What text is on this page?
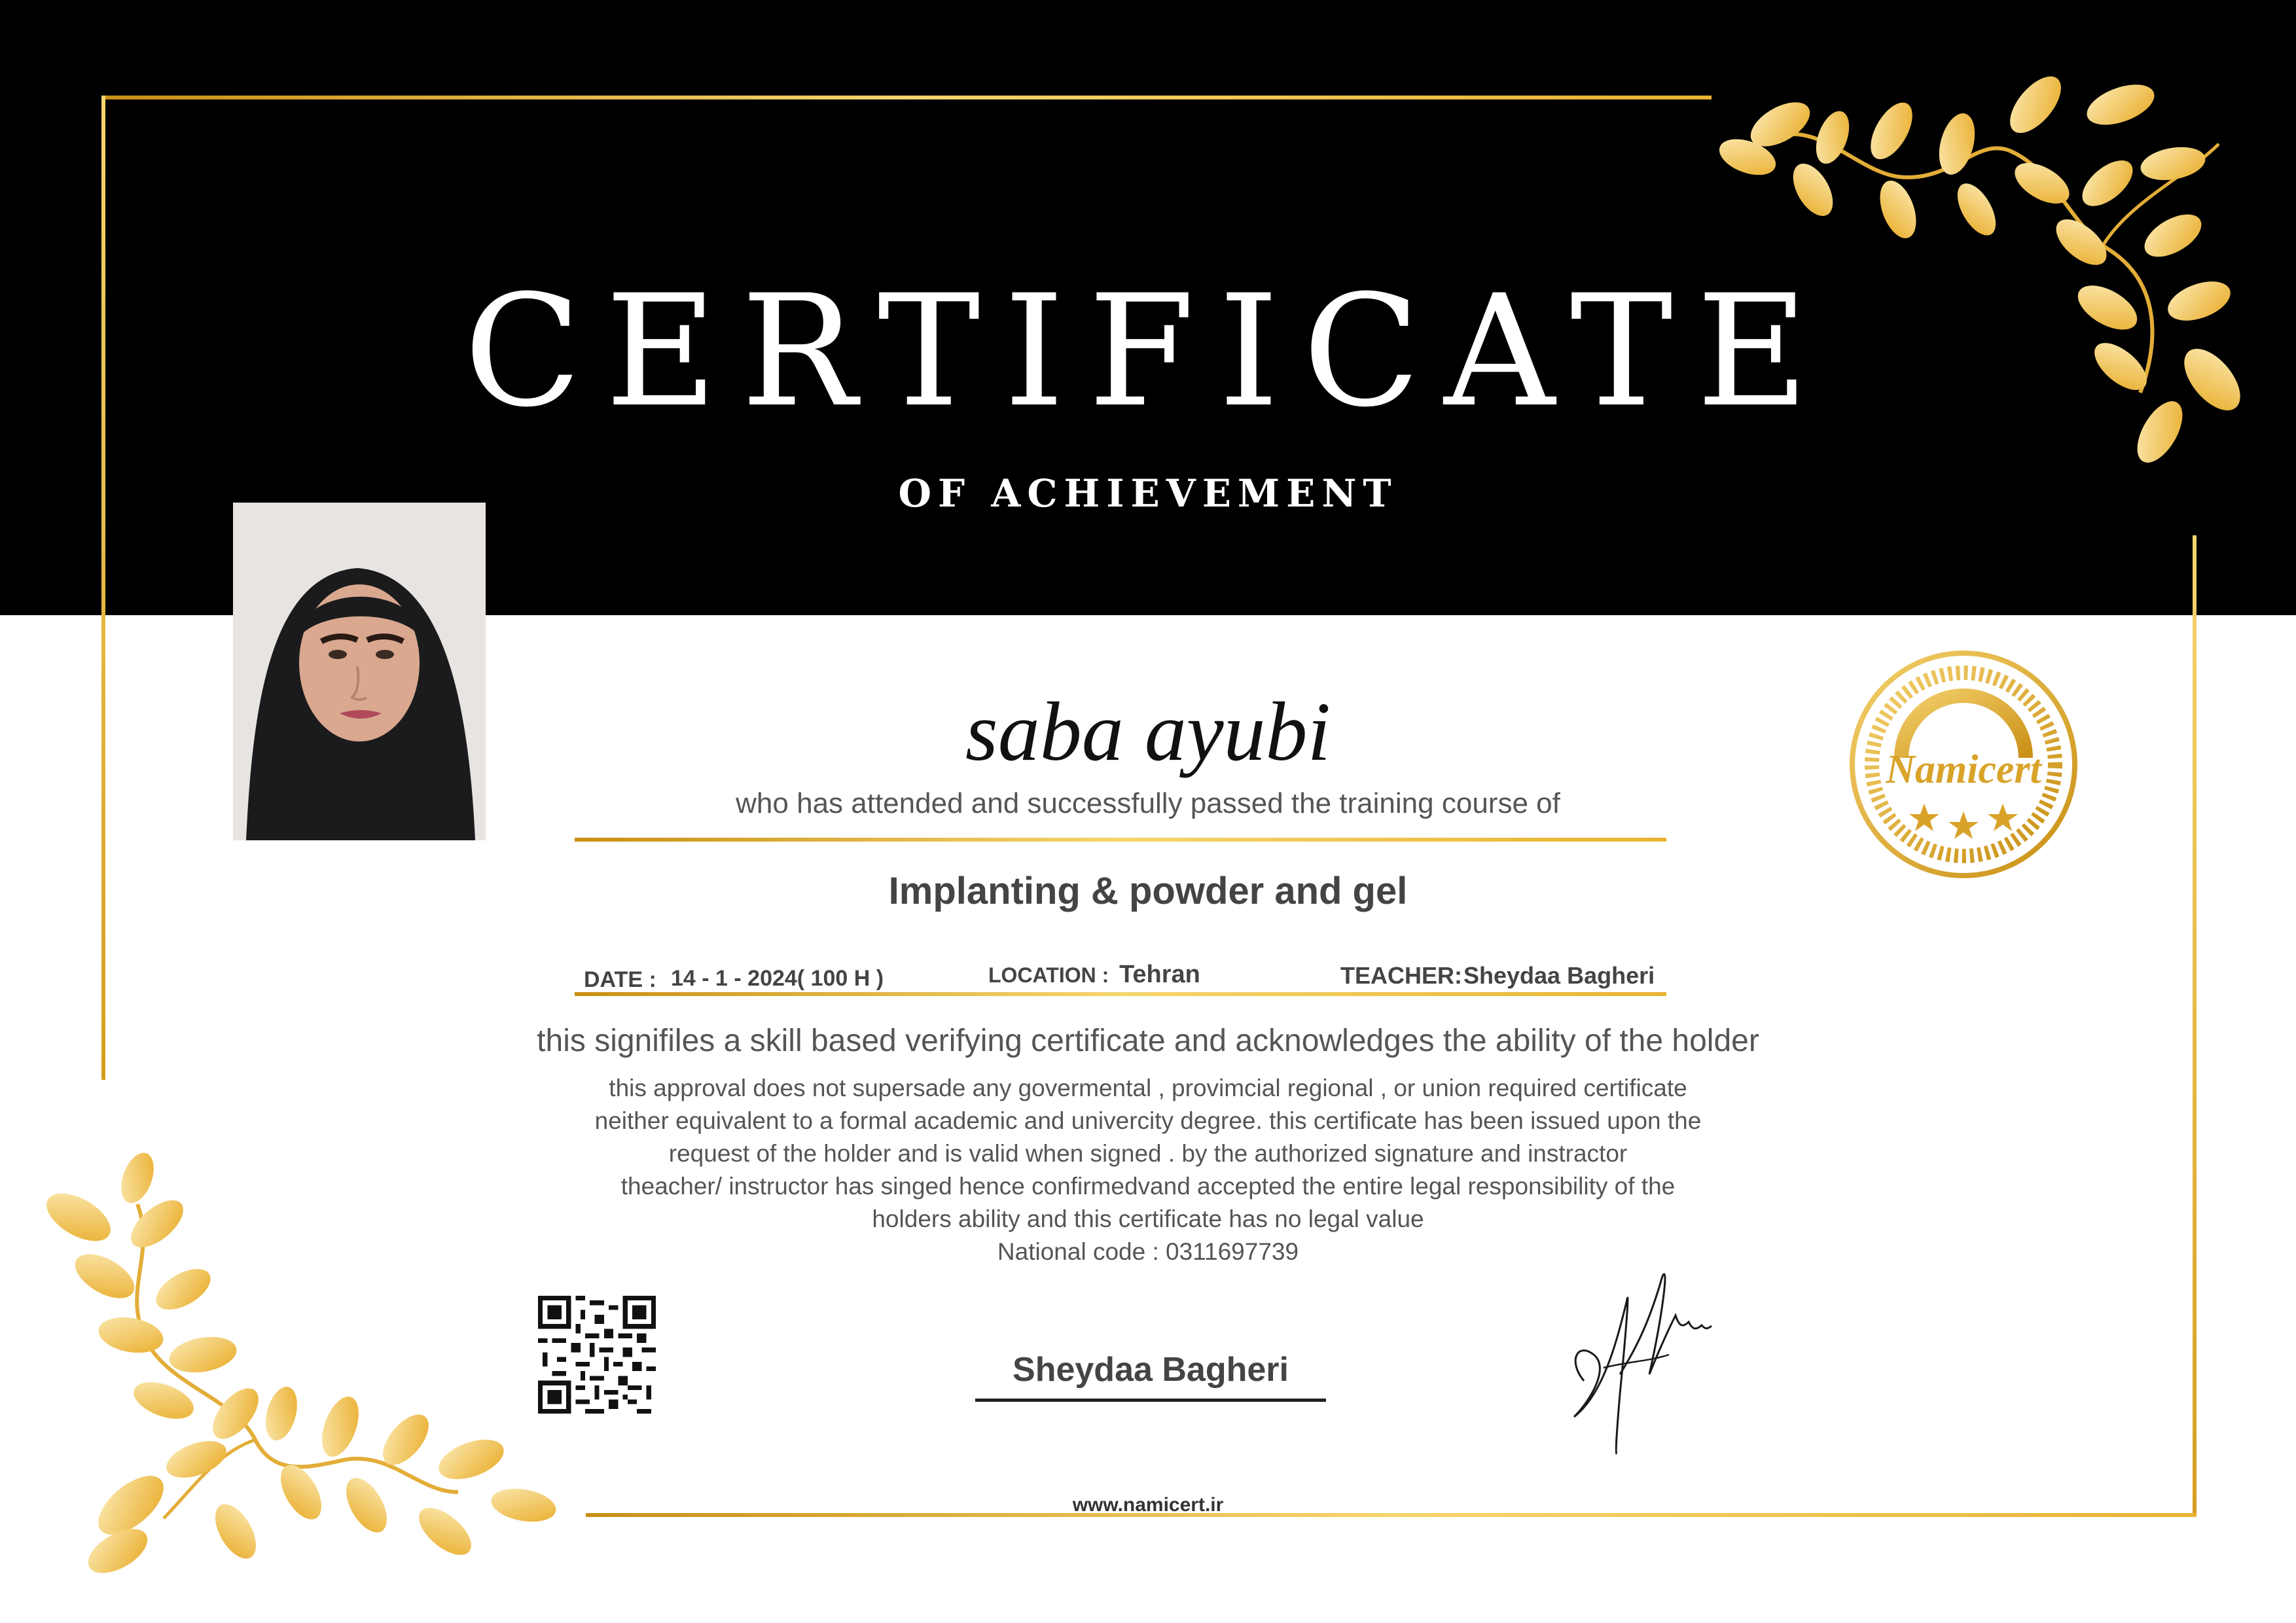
CERTIFICATE
OF ACHIEVEMENT
Namicert
saba ayubi
who has attended and successfully passed the training course of
Implanting & powder and gel
DATE : 14 - 1 - 2024( 100 H )	LOCATION : Tehran	TEACHER: Sheydaa Bagheri
this signifiles a skill based verifying certificate and acknowledges the ability of the holder
this approval does not supersade any govermental , provimcial regional , or union required certificate
neither equivalent to a formal academic and univercity degree. this certificate has been issued upon the
request of the holder and is valid when signed . by the authorized signature and instractor
theacher/ instructor has singed hence confirmedvand accepted the entire legal responsibility of the
holders ability and this certificate has no legal value
National code : 0311697739
Sheydaa Bagheri
www.namicert.ir
